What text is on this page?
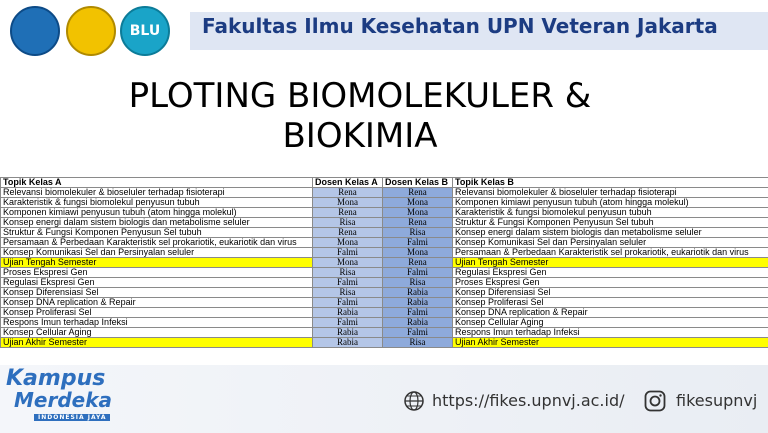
BLU	Fakultas Ilmu Kesehatan UPN Veteran Jakarta
PLOTING BIOMOLEKULER & BIOKIMIA
Topik Kelas A	Dosen Kelas A	Dosen Kelas B	Topik Kelas B
Relevansi biomolekuler & bioseluler terhadap fisioterapi	Rena	Rena	Relevansi biomolekuler & bioseluler terhadap fisioterapi
Karakteristik & fungsi biomolekul penyusun tubuh	Mona	Mona	Komponen kimiawi penyusun tubuh (atom hingga molekul)
Komponen kimiawi penyusun tubuh (atom hingga molekul)	Rena	Mona	Karakteristik & fungsi biomolekul penyusun tubuh
Konsep energi dalam sistem biologis dan metabolisme seluler	Risa	Rena	Struktur & Fungsi Komponen Penyusun Sel tubuh
Struktur & Fungsi Komponen Penyusun Sel tubuh	Rena	Risa	Konsep energi dalam sistem biologis dan metabolisme seluler
Persamaan & Perbedaan Karakteristik sel prokariotik, eukariotik dan virus	Mona	Falmi	Konsep Komunikasi Sel dan Persinyalan seluler
Konsep Komunikasi Sel dan Persinyalan seluler	Falmi	Mona	Persamaan & Perbedaan Karakteristik sel prokariotik, eukariotik dan virus
Ujian Tengah Semester	Mona	Rena	Ujian Tengah Semester
Proses Ekspresi Gen	Risa	Falmi	Regulasi Ekspresi Gen
Regulasi Ekspresi Gen	Falmi	Risa	Proses Ekspresi Gen
Konsep Diferensiasi Sel	Risa	Rabia	Konsep Diferensiasi Sel
Konsep DNA replication & Repair	Falmi	Rabia	Konsep Proliferasi Sel
Konsep Proliferasi Sel	Rabia	Falmi	Konsep DNA replication & Repair
Respons Imun terhadap Infeksi	Falmi	Rabia	Konsep Cellular Aging
Konsep Cellular Aging	Rabia	Falmi	Respons Imun terhadap Infeksi
Ujian Akhir Semester	Rabia	Risa	Ujian Akhir Semester
Kampus
Merdeka
INDONESIA JAYA
https://fikes.upnvj.ac.id/	fikesupnvj
